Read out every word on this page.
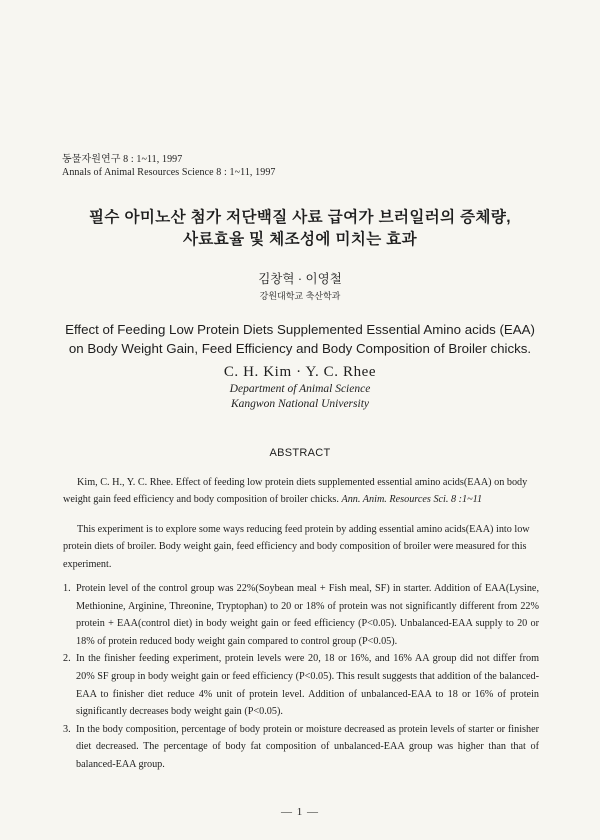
동물자원연구 8 : 1~11, 1997
Annals of Animal Resources Science 8 : 1~11, 1997
필수 아미노산 첨가 저단백질 사료 급여가 브러일러의 증체량,
사료효율 및 체조성에 미치는 효과
김창혁 · 이영철
강원대학교 축산학과
Effect of Feeding Low Protein Diets Supplemented Essential Amino acids (EAA)
on Body Weight Gain, Feed Efficiency and Body Composition of Broiler chicks.
C. H. Kim · Y. C. Rhee
Department of Animal Science
Kangwon National University
ABSTRACT
Kim, C. H., Y. C. Rhee. Effect of feeding low protein diets supplemented essential amino acids(EAA) on body weight gain feed efficiency and body composition of broiler chicks. Ann. Anim. Resources Sci. 8 :1~11
This experiment is to explore some ways reducing feed protein by adding essential amino acids(EAA) into low protein diets of broiler. Body weight gain, feed efficiency and body composition of broiler were measured for this experiment.
1. Protein level of the control group was 22%(Soybean meal + Fish meal, SF) in starter. Addition of EAA(Lysine, Methionine, Arginine, Threonine, Tryptophan) to 20 or 18% of protein was not significantly different from 22% protein + EAA(control diet) in body weight gain or feed efficiency (P<0.05). Unbalanced-EAA supply to 20 or 18% of protein reduced body weight gain compared to control group (P<0.05).
2. In the finisher feeding experiment, protein levels were 20, 18 or 16%, and 16% AA group did not differ from 20% SF group in body weight gain or feed efficiency (P<0.05). This result suggests that addition of the balanced-EAA to finisher diet reduce 4% unit of protein level. Addition of unbalanced-EAA to 18 or 16% of protein significantly decreases body weight gain (P<0.05).
3. In the body composition, percentage of body protein or moisture decreased as protein levels of starter or finisher diet decreased. The percentage of body fat composition of unbalanced-EAA group was higher than that of balanced-EAA group.
— 1 —
